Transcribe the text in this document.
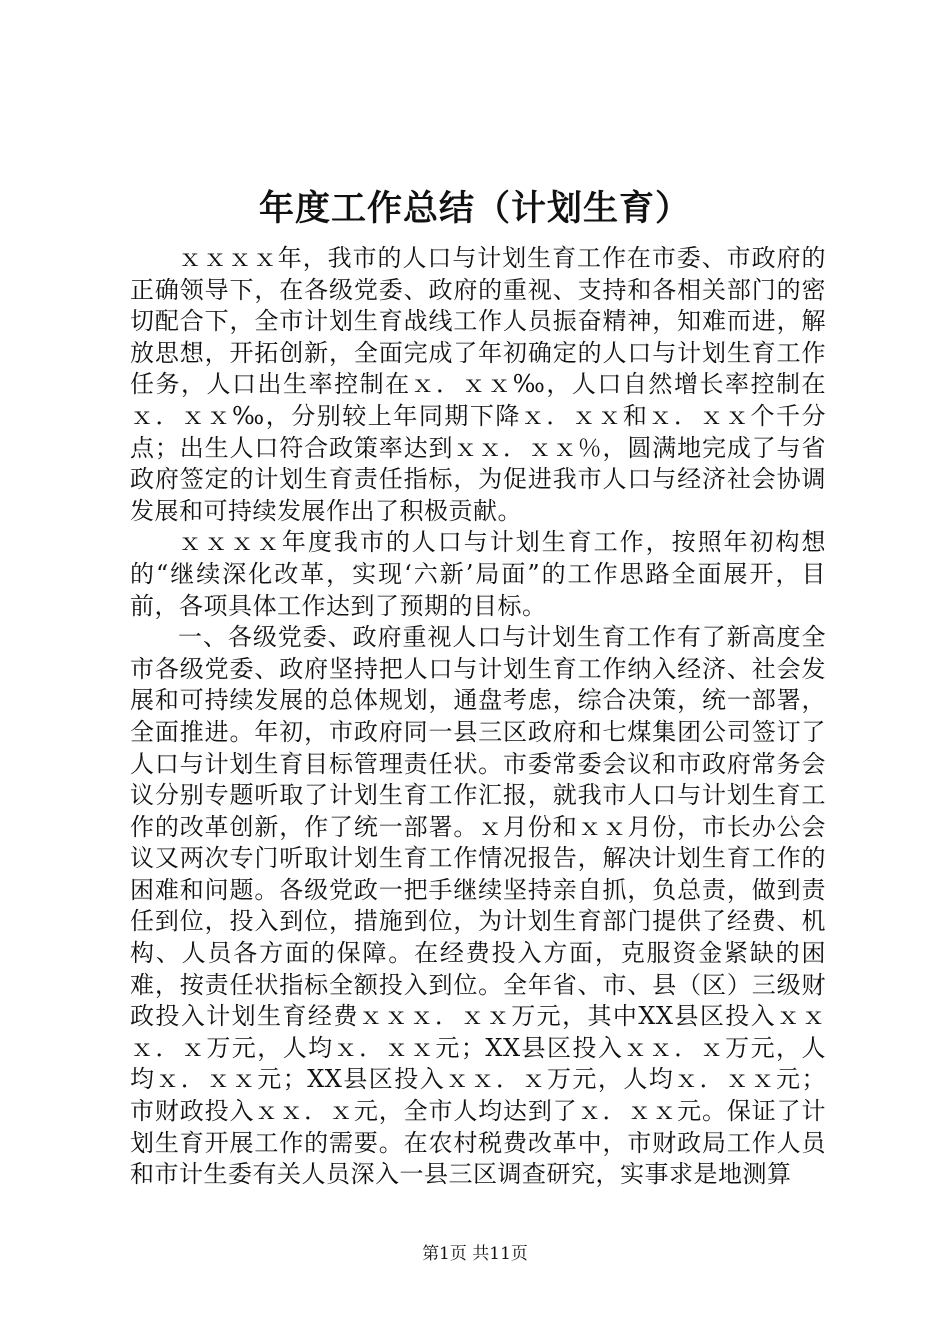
年度工作总结（计划生育）

ｘｘｘｘ年，我市的人口与计划生育工作在市委、市政府的正确领导下，在各级党委、政府的重视、支持和各相关部门的密切配合下，全市计划生育战线工作人员振奋精神，知难而进，解放思想，开拓创新，全面完成了年初确定的人口与计划生育工作任务，人口出生率控制在ｘ．ｘｘ‰，人口自然增长率控制在ｘ．ｘｘ‰，分别较上年同期下降ｘ．ｘｘ和ｘ．ｘｘ个千分点；出生人口符合政策率达到ｘｘ．ｘｘ％，圆满地完成了与省政府签定的计划生育责任指标，为促进我市人口与经济社会协调发展和可持续发展作出了积极贡献。

ｘｘｘｘ年度我市的人口与计划生育工作，按照年初构想的“继续深化改革，实现‘六新’局面”的工作思路全面展开，目前，各项具体工作达到了预期的目标。

一、各级党委、政府重视人口与计划生育工作有了新高度全市各级党委、政府坚持把人口与计划生育工作纳入经济、社会发展和可持续发展的总体规划，通盘考虑，综合决策，统一部署，全面推进。年初，市政府同一县三区政府和七煤集团公司签订了人口与计划生育目标管理责任状。市委常委会议和市政府常务会议分别专题听取了计划生育工作汇报，就我市人口与计划生育工作的改革创新，作了统一部署。ｘ月份和ｘｘ月份，市长办公会议又两次专门听取计划生育工作情况报告，解决计划生育工作的困难和问题。各级党政一把手继续坚持亲自抓，负总责，做到责任到位，投入到位，措施到位，为计划生育部门提供了经费、机构、人员各方面的保障。在经费投入方面，克服资金紧缺的困难，按责任状指标全额投入到位。全年省、市、县（区）三级财政投入计划生育经费ｘｘｘ．ｘｘ万元，其中XX县区投入ｘｘｘ．ｘ万元，人均ｘ．ｘｘ元；XX县区投入ｘｘ．ｘ万元，人均ｘ．ｘｘ元；XX县区投入ｘｘ．ｘ万元，人均ｘ．ｘｘ元；市财政投入ｘｘ．ｘ元，全市人均达到了ｘ．ｘｘ元。保证了计划生育开展工作的需要。在农村税费改革中，市财政局工作人员和市计生委有关人员深入一县三区调查研究，实事求是地测算

第1页 共11页
